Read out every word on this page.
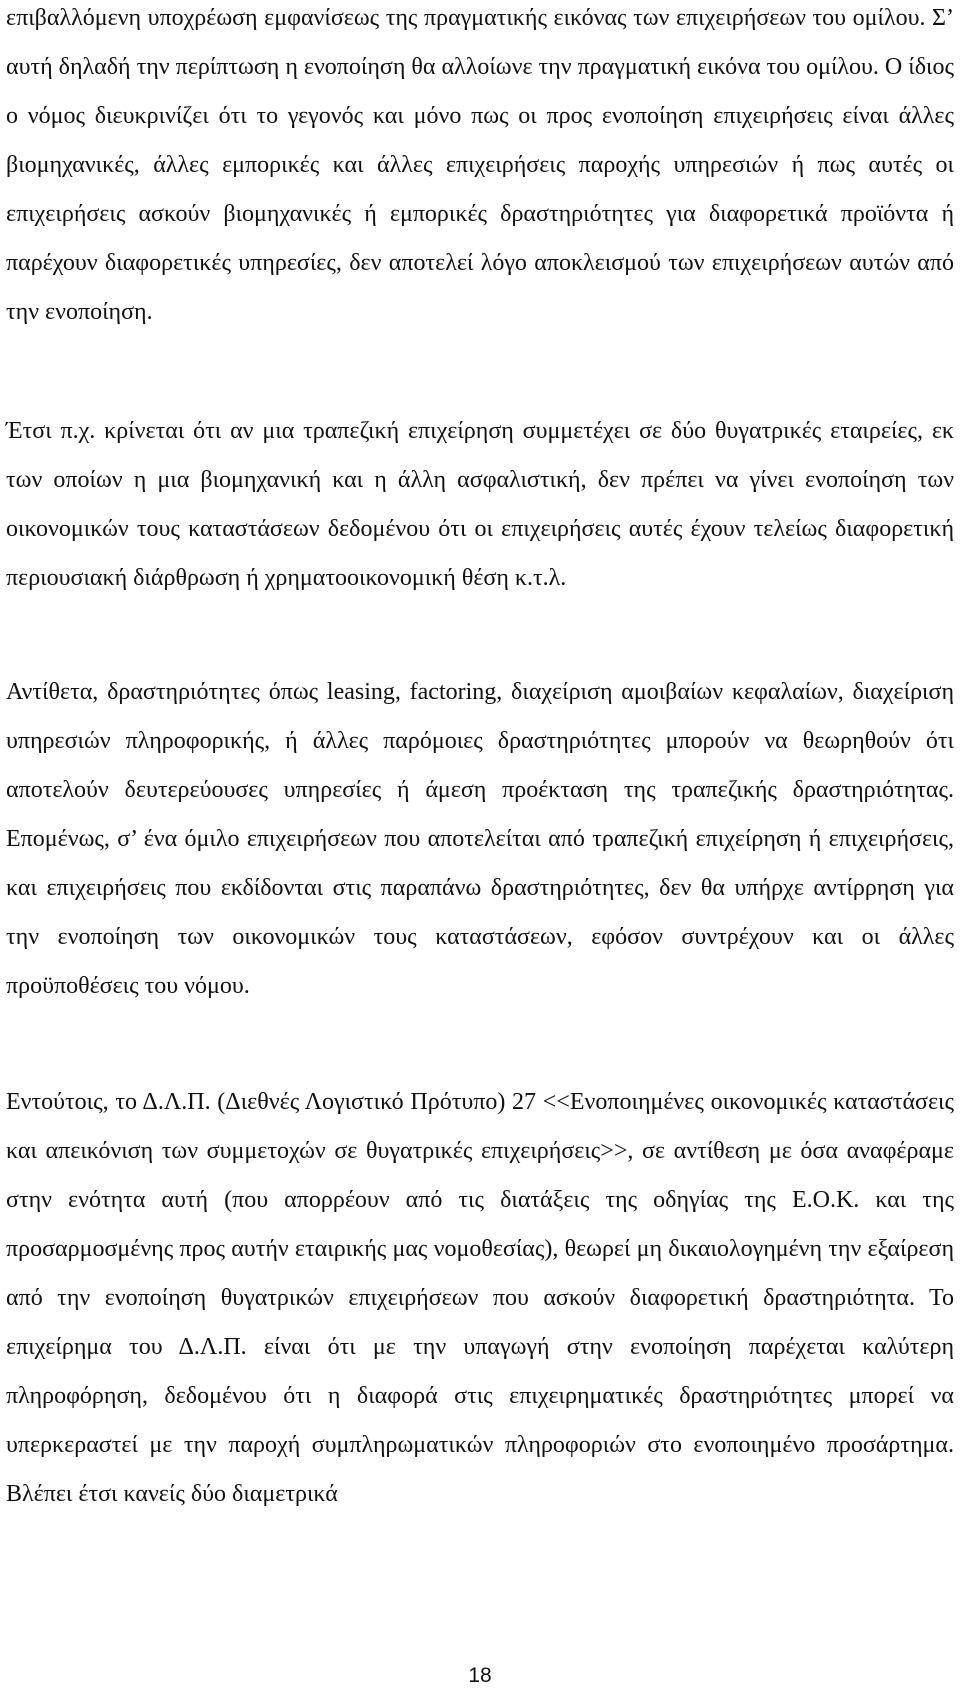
επιβαλλόμενη υποχρέωση εμφανίσεως της πραγματικής εικόνας των επιχειρήσεων του ομίλου. Σ’ αυτή δηλαδή την περίπτωση η ενοποίηση θα αλλοίωνε την πραγματική εικόνα του ομίλου. Ο ίδιος ο νόμος διευκρινίζει ότι το γεγονός και μόνο πως οι προς ενοποίηση επιχειρήσεις είναι άλλες βιομηχανικές, άλλες εμπορικές και άλλες επιχειρήσεις παροχής υπηρεσιών ή πως αυτές οι επιχειρήσεις ασκούν βιομηχανικές ή εμπορικές δραστηριότητες για διαφορετικά προϊόντα ή παρέχουν διαφορετικές υπηρεσίες, δεν αποτελεί λόγο αποκλεισμού των επιχειρήσεων αυτών από την ενοποίηση.

Έτσι π.χ. κρίνεται ότι αν μια τραπεζική επιχείρηση συμμετέχει σε δύο θυγατρικές εταιρείες, εκ των οποίων η μια βιομηχανική και η άλλη ασφαλιστική, δεν πρέπει να γίνει ενοποίηση των οικονομικών τους καταστάσεων δεδομένου ότι οι επιχειρήσεις αυτές έχουν τελείως διαφορετική περιουσιακή διάρθρωση ή χρηματοοικονομική θέση κ.τ.λ.

Αντίθετα, δραστηριότητες όπως leasing, factoring, διαχείριση αμοιβαίων κεφαλαίων, διαχείριση υπηρεσιών πληροφορικής, ή άλλες παρόμοιες δραστηριότητες μπορούν να θεωρηθούν ότι αποτελούν δευτερεύουσες υπηρεσίες ή άμεση προέκταση της τραπεζικής δραστηριότητας. Επομένως, σ’ ένα όμιλο επιχειρήσεων που αποτελείται από τραπεζική επιχείρηση ή επιχειρήσεις, και επιχειρήσεις που εκδίδονται στις παραπάνω δραστηριότητες, δεν θα υπήρχε αντίρρηση για την ενοποίηση των οικονομικών τους καταστάσεων, εφόσον συντρέχουν και οι άλλες προϋποθέσεις του νόμου.

Εντούτοις, το Δ.Λ.Π. (Διεθνές Λογιστικό Πρότυπο) 27 <<Ενοποιημένες οικονομικές καταστάσεις και απεικόνιση των συμμετοχών σε θυγατρικές επιχειρήσεις>>, σε αντίθεση με όσα αναφέραμε στην ενότητα αυτή (που απορρέουν από τις διατάξεις της οδηγίας της Ε.Ο.Κ. και της προσαρμοσμένης προς αυτήν εταιρικής μας νομοθεσίας), θεωρεί μη δικαιολογημένη την εξαίρεση από την ενοποίηση θυγατρικών επιχειρήσεων που ασκούν διαφορετική δραστηριότητα. Το επιχείρημα του Δ.Λ.Π. είναι ότι με την υπαγωγή στην ενοποίηση παρέχεται καλύτερη πληροφόρηση, δεδομένου ότι η διαφορά στις επιχειρηματικές δραστηριότητες μπορεί να υπερκεραστεί με την παροχή συμπληρωματικών πληροφοριών στο ενοποιημένο προσάρτημα. Βλέπει έτσι κανείς δύο διαμετρικά

18
